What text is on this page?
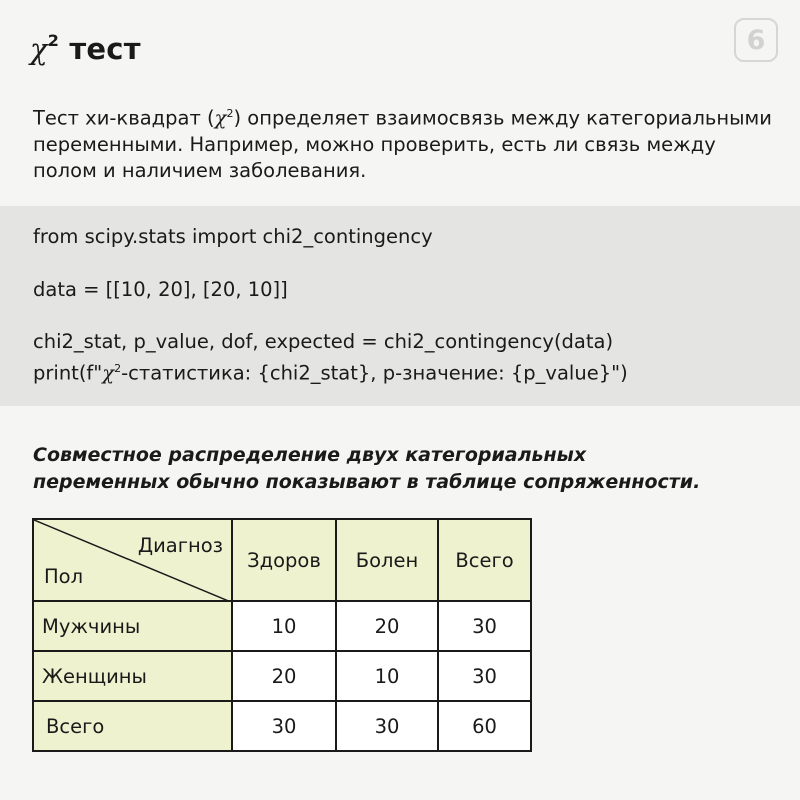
$\chi^2$ тест	6

Тест хи-квадрат $(\chi^2)$ определяет взаимосвязь между категориальными переменными. Например, можно проверить, есть ли связь между полом и наличием заболевания.

from scipy.stats import chi2_contingency
data = [[10, 20], [20, 10]]
chi2_stat, p_value, dof, expected = chi2_contingency(data)
$print(f"\chi^2$-статистика: {chi2_stat}, p-значение: {p_value}")

Совместное распределение двух категориальных
переменных обычно показывают в таблице сопряженности.

Диагноз
Пол	Здоров	Болен	Всего
Мужчины	10	20	30
Женщины	20	10	30
Всего	30	30	60
